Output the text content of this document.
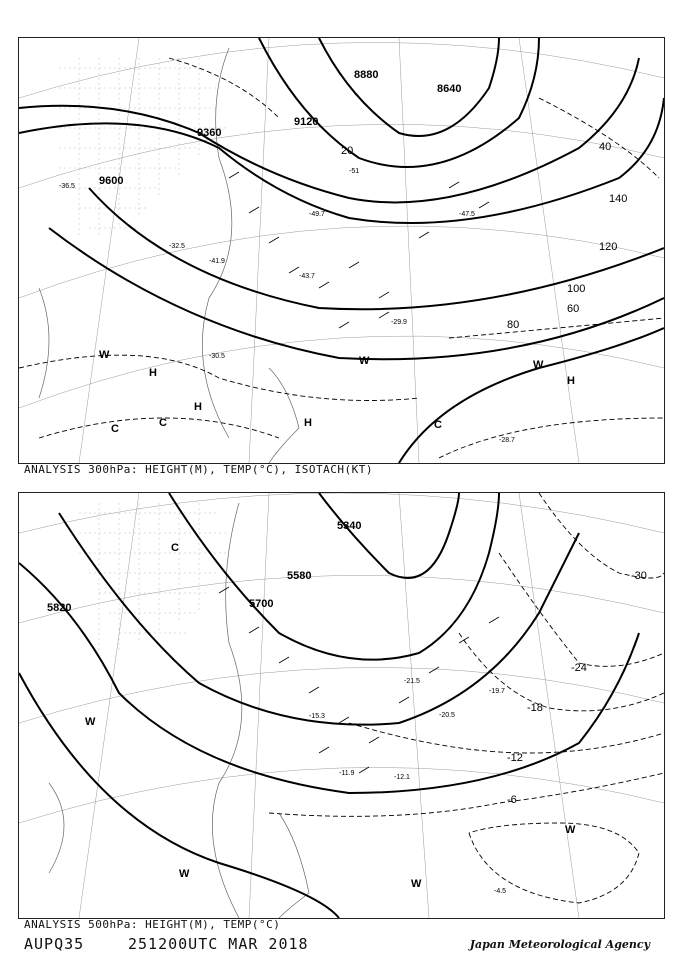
9360
9120
8880
8640
9600
20	40
60
80
100
120
140
-51
-49.7	-47.5
-43.7
-41.9
-36.5
-32.5
-30.5
-29.9
-28.7
H
H
H
H
C	C	C
W	W	W
ANALYSIS 300hPa: HEIGHT(M), TEMP(°C), ISOTACH(KT)
5820	5700
5580
5340
-30
-24
-18
-12
-6
-21.5
-20.5
-19.7
-15.3
-12.1
-11.9
-4.5
C
W
W
W
W
ANALYSIS 500hPa: HEIGHT(M), TEMP(°C)
AUPQ35	251200UTC MAR 2018	Japan Meteorological Agency
